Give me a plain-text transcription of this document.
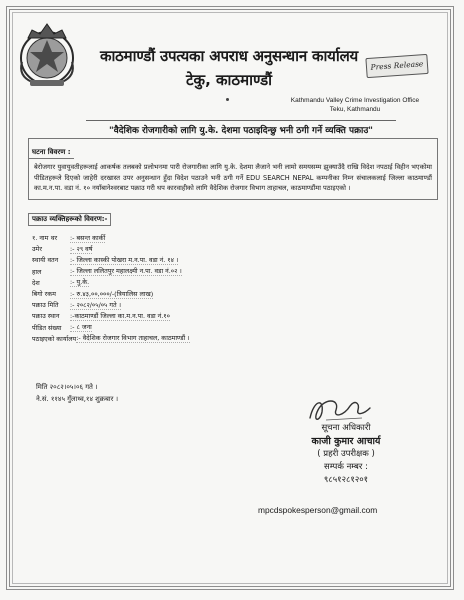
काठमाण्डौं उपत्यका अपराध अनुसन्धान कार्यालय
टेकु, काठमाण्डौं
Press Release
Kathmandu Valley Crime Investigation Office
Teku, Kathmandu
"वैदेशिक रोजगारीको लागि यु.के. देशमा पठाइदिन्छु भनी ठगी गर्ने व्यक्ति पक्राउ"
घटना विवरण :
बेरोजगार युवायुवतीहरूलाई आकर्षक तलबको प्रलोभनमा पारी रोजगारीका लागि यु.के. देशमा लैजाने भनी लामो समयसम्म झुक्याउँदै राखि विदेश नपठाई विहीन भएकोमा पीडितहरूले दिएको जाहेरी दरखास्त उपर अनुसन्धान हुँदा विदेश पठाउने भनी ठगी गर्ने EDU SEARCH NEPAL कम्पनीका निम्न संचालकलाई जिल्ला काठमाण्डौं का.म.न.पा. वडा नं. १० नयाँबानेश्वरबाट पक्राउ गरी थप कारवाहीको लागि वैदेशिक रोजगार विभाग ताहाचल, काठमाण्डौंमा पठाइएको ।
पक्राउ व्यक्तिहरूको विवरण:-
१. नाम थर	:- बसन्त कार्की
उमेर	:- २९ वर्ष
स्थायी वतन	:- जिल्ला कास्की पोखरा म.न.पा. वडा नं. १४ ।
हाल	:- जिल्ला ललितपुर महालक्ष्मी न.पा. वडा नं.०२ ।
देश	:- यु.के.
बिगो रकम	:- रु.४३,००,०००/-(त्रियालिस लाख)
पक्राउ मिति	:- २०८२/०५/०५ गते ।
पक्राउ स्थान	:-काठमाण्डौं जिल्ला का.म.न.पा. वडा नं.१०
पीडित संख्या	:- ८ जना
पठाइएको कार्यालय :- वैदेशिक रोजगार विभाग ताहाचल, काठमाण्डौं ।
मिति २०८२।०५।०६ गते ।
ने.सं. ११४५ गुँलाथ्व,१४ शुक्रबार ।
सूचना अधिकारी
काजी कुमार आचार्य
( प्रहरी उपरीक्षक )
सम्पर्क नम्बर :
९८५१२८१२०१
mpcdspokesperson@gmail.com
